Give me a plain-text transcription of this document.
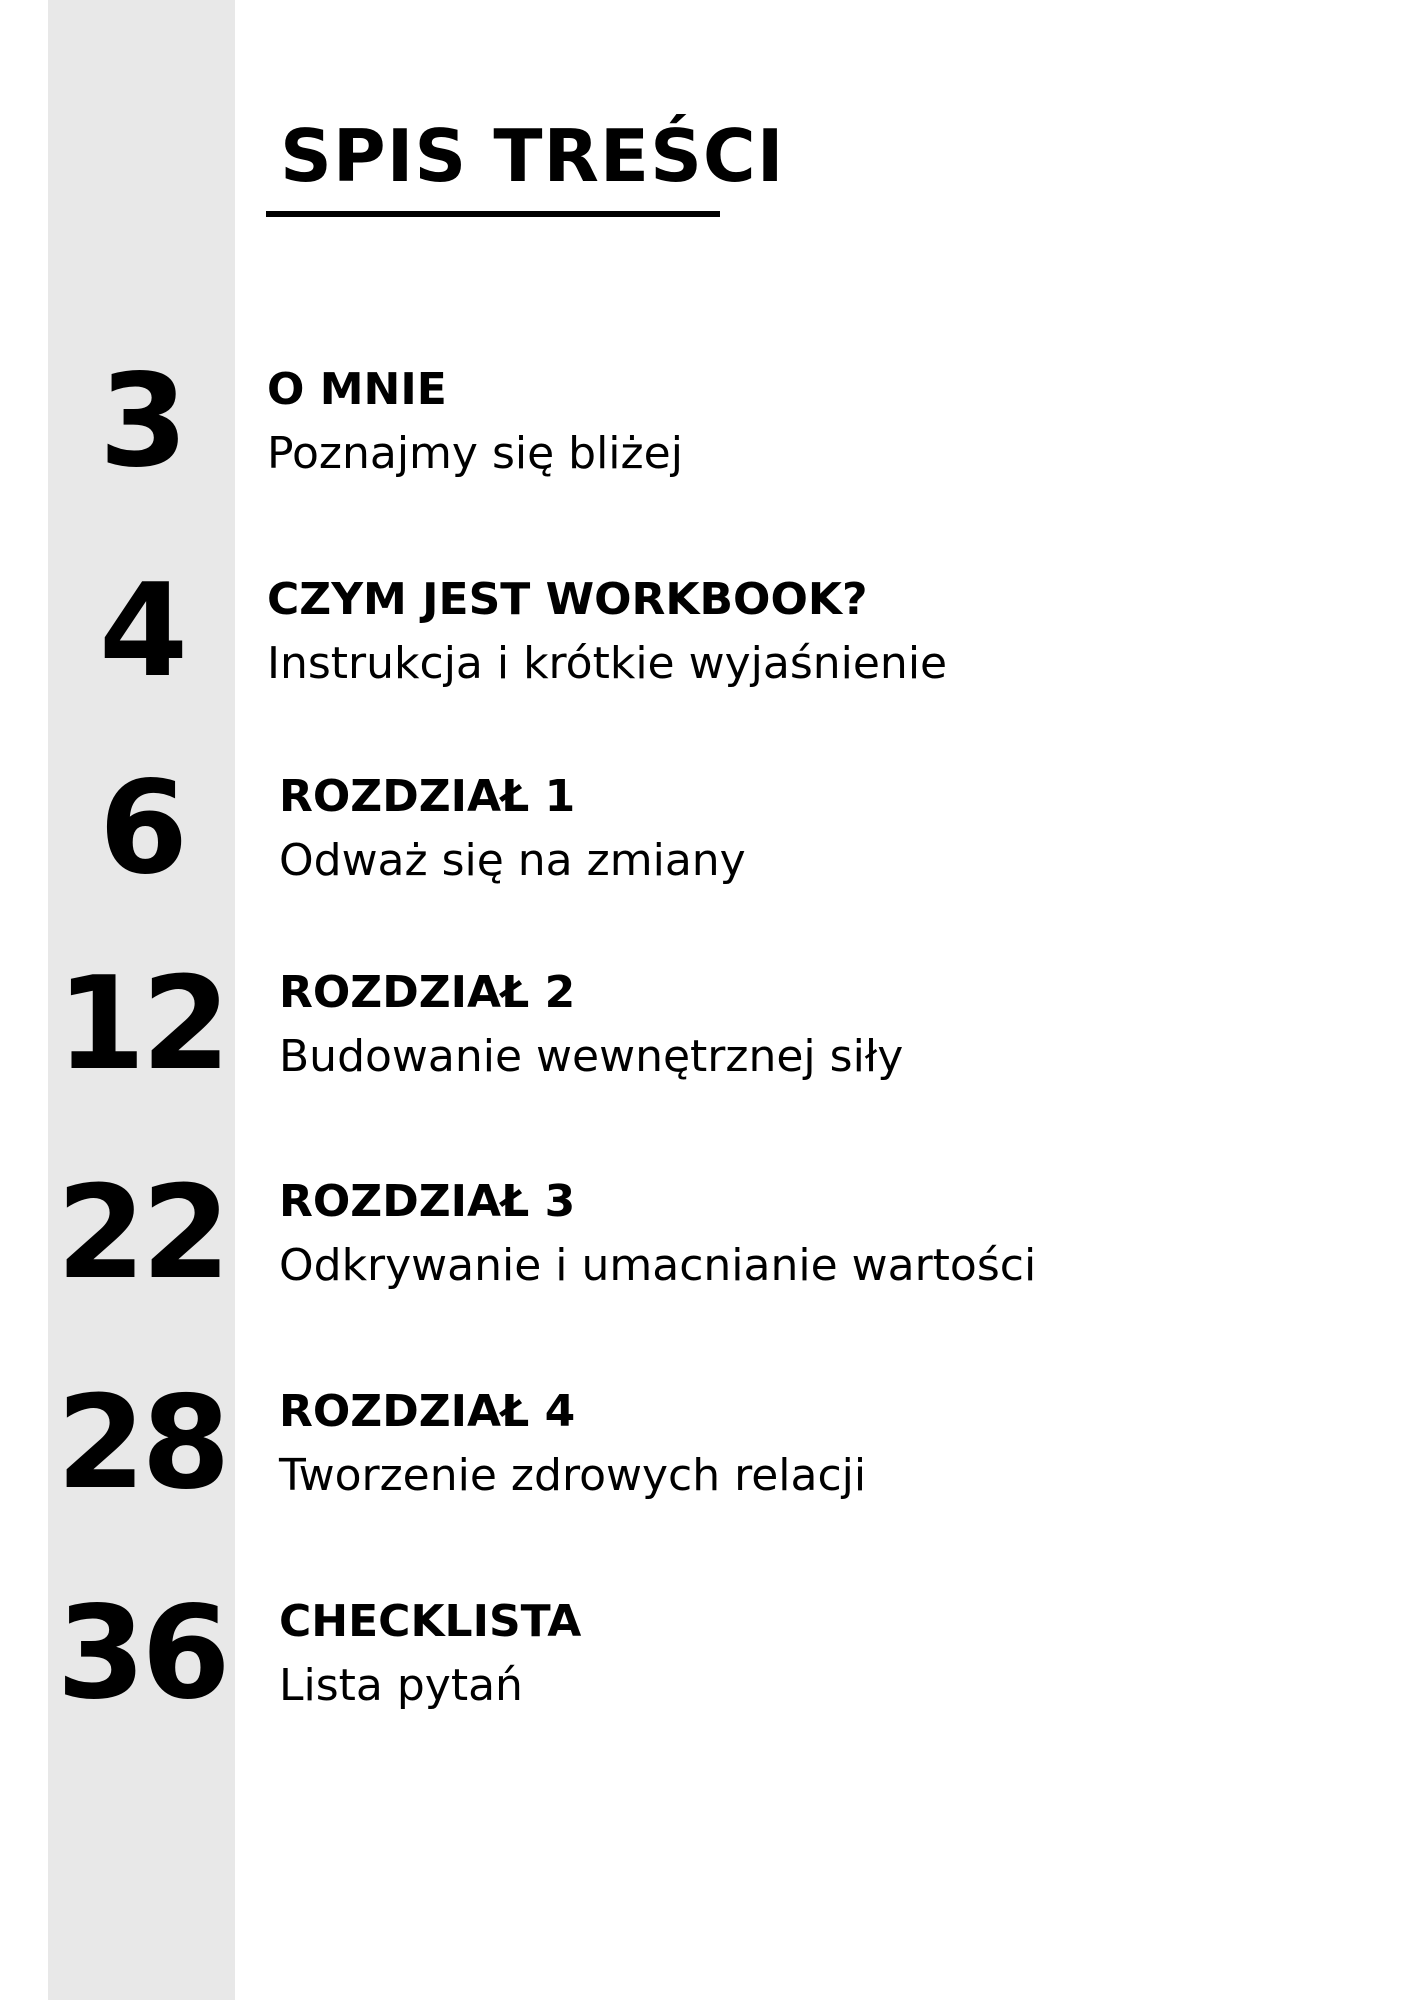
SPIS TREŚCI
3	O MNIE
Poznajmy się bliżej
4	CZYM JEST WORKBOOK?
Instrukcja i krótkie wyjaśnienie
6	ROZDZIAŁ 1
Odważ się na zmiany
12 ROZDZIAŁ 2
Budowanie wewnętrznej siły
22 ROZDZIAŁ 3
Odkrywanie i umacnianie wartości
28 ROZDZIAŁ 4
Tworzenie zdrowych relacji
36 CHECKLISTA
Lista pytań
